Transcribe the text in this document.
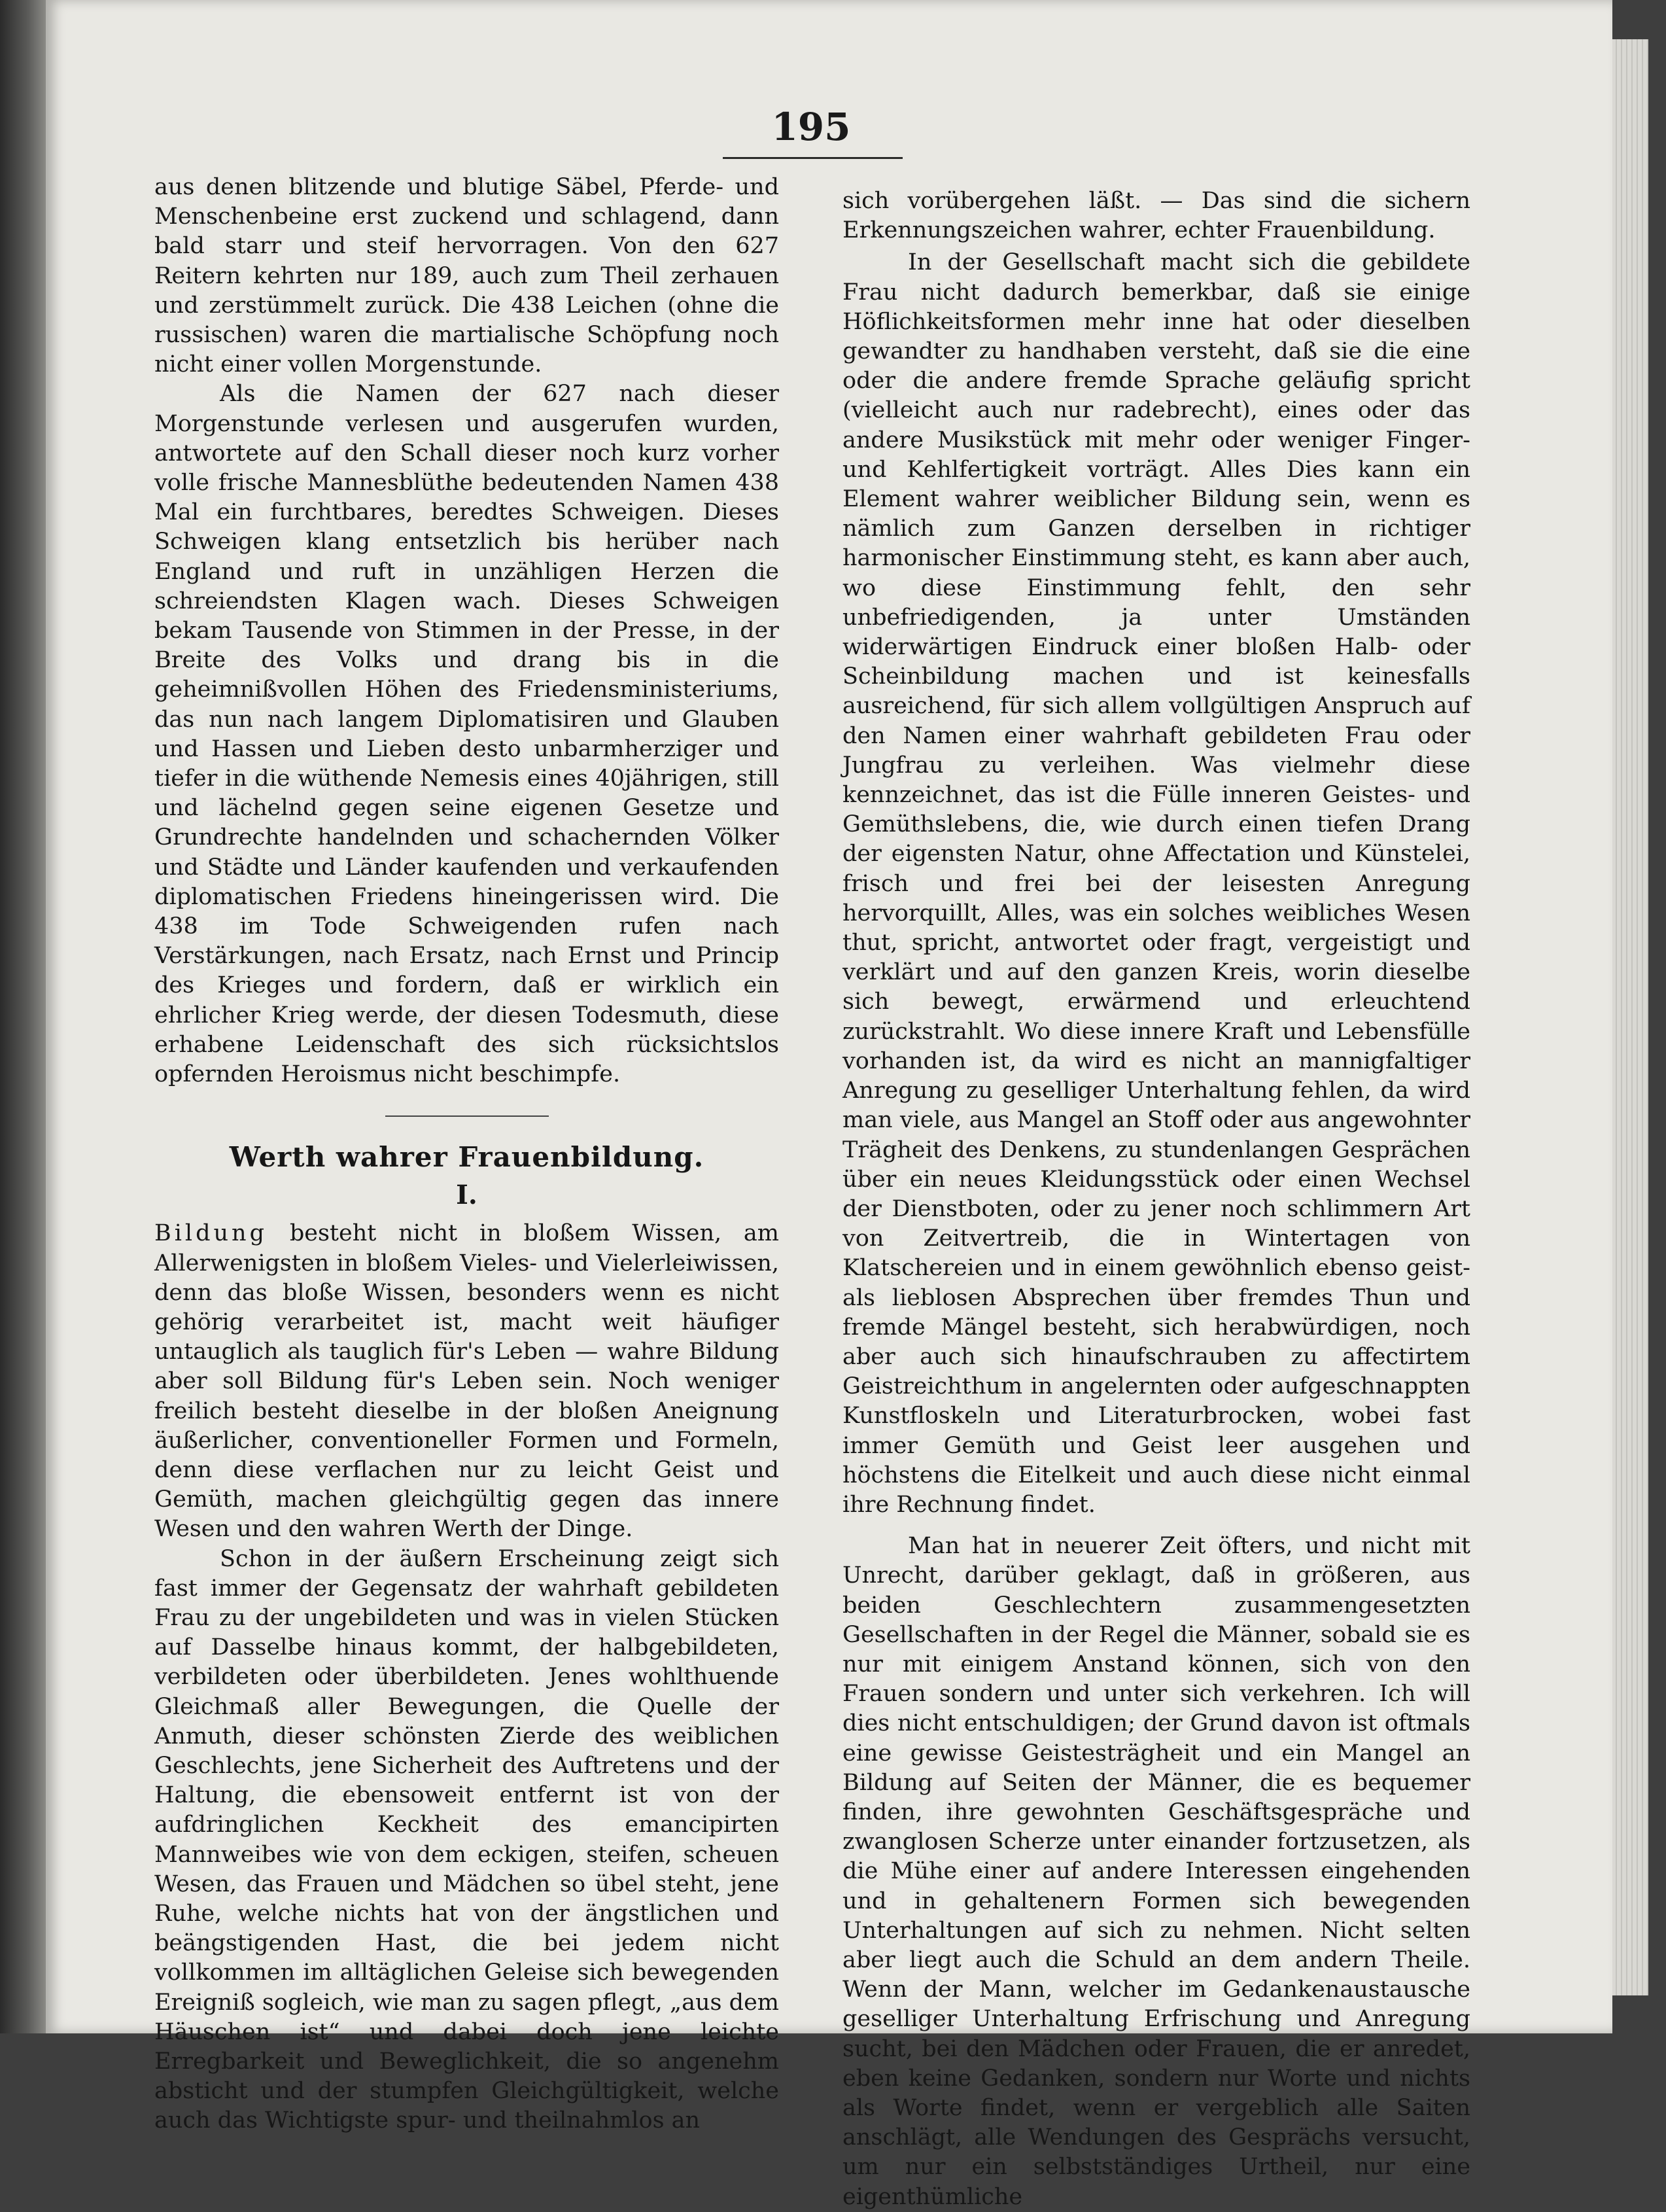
195

aus denen blitzende und blutige Säbel, Pferde- und Menschenbeine erst zuckend und schlagend, dann bald starr und steif hervorragen. Von den 627 Reitern kehrten nur 189, auch zum Theil zerhauen und zerstümmelt zurück. Die 438 Leichen (ohne die russischen) waren die martialische Schöpfung noch nicht einer vollen Morgenstunde.

Als die Namen der 627 nach dieser Morgenstunde verlesen und ausgerufen wurden, antwortete auf den Schall dieser noch kurz vorher volle frische Mannesblüthe bedeutenden Namen 438 Mal ein furchtbares, beredtes Schweigen. Dieses Schweigen klang entsetzlich bis herüber nach England und ruft in unzähligen Herzen die schreiendsten Klagen wach. Dieses Schweigen bekam Tausende von Stimmen in der Presse, in der Breite des Volks und drang bis in die geheimnißvollen Höhen des Friedensministeriums, das nun nach langem Diplomatisiren und Glauben und Hassen und Lieben desto unbarmherziger und tiefer in die wüthende Nemesis eines 40jährigen, still und lächelnd gegen seine eigenen Gesetze und Grundrechte handelnden und schachernden Völker und Städte und Länder kaufenden und verkaufenden diplomatischen Friedens hineingerissen wird. Die 438 im Tode Schweigenden rufen nach Verstärkungen, nach Ersatz, nach Ernst und Princip des Krieges und fordern, daß er wirklich ein ehrlicher Krieg werde, der diesen Todesmuth, diese erhabene Leidenschaft des sich rücksichtslos opfernden Heroismus nicht beschimpfe.

Werth wahrer Frauenbildung.
I.

Bildung besteht nicht in bloßem Wissen, am Allerwenigsten in bloßem Vieles- und Vielerleiwissen, denn das bloße Wissen, besonders wenn es nicht gehörig verarbeitet ist, macht weit häufiger untauglich als tauglich für's Leben — wahre Bildung aber soll Bildung für's Leben sein. Noch weniger freilich besteht dieselbe in der bloßen Aneignung äußerlicher, conventioneller Formen und Formeln, denn diese verflachen nur zu leicht Geist und Gemüth, machen gleichgültig gegen das innere Wesen und den wahren Werth der Dinge.

Schon in der äußern Erscheinung zeigt sich fast immer der Gegensatz der wahrhaft gebildeten Frau zu der ungebildeten und was in vielen Stücken auf Dasselbe hinaus kommt, der halbgebildeten, verbildeten oder überbildeten. Jenes wohlthuende Gleichmaß aller Bewegungen, die Quelle der Anmuth, dieser schönsten Zierde des weiblichen Geschlechts, jene Sicherheit des Auftretens und der Haltung, die ebensoweit entfernt ist von der aufdringlichen Keckheit des emancipirten Mannweibes wie von dem eckigen, steifen, scheuen Wesen, das Frauen und Mädchen so übel steht, jene Ruhe, welche nichts hat von der ängstlichen und beängstigenden Hast, die bei jedem nicht vollkommen im alltäglichen Geleise sich bewegenden Ereigniß sogleich, wie man zu sagen pflegt, „aus dem Häuschen ist“ und dabei doch jene leichte Erregbarkeit und Beweglichkeit, die so angenehm absticht und der stumpfen Gleichgültigkeit, welche auch das Wichtigste spur- und theilnahmlos an

sich vorübergehen läßt. — Das sind die sichern Erkennungszeichen wahrer, echter Frauenbildung.

In der Gesellschaft macht sich die gebildete Frau nicht dadurch bemerkbar, daß sie einige Höflichkeitsformen mehr inne hat oder dieselben gewandter zu handhaben versteht, daß sie die eine oder die andere fremde Sprache geläufig spricht (vielleicht auch nur radebrecht), eines oder das andere Musikstück mit mehr oder weniger Finger- und Kehlfertigkeit vorträgt. Alles Dies kann ein Element wahrer weiblicher Bildung sein, wenn es nämlich zum Ganzen derselben in richtiger harmonischer Einstimmung steht, es kann aber auch, wo diese Einstimmung fehlt, den sehr unbefriedigenden, ja unter Umständen widerwärtigen Eindruck einer bloßen Halb- oder Scheinbildung machen und ist keinesfalls ausreichend, für sich allem vollgültigen Anspruch auf den Namen einer wahrhaft gebildeten Frau oder Jungfrau zu verleihen. Was vielmehr diese kennzeichnet, das ist die Fülle inneren Geistes- und Gemüthslebens, die, wie durch einen tiefen Drang der eigensten Natur, ohne Affectation und Künstelei, frisch und frei bei der leisesten Anregung hervorquillt, Alles, was ein solches weibliches Wesen thut, spricht, antwortet oder fragt, vergeistigt und verklärt und auf den ganzen Kreis, worin dieselbe sich bewegt, erwärmend und erleuchtend zurückstrahlt. Wo diese innere Kraft und Lebensfülle vorhanden ist, da wird es nicht an mannigfaltiger Anregung zu geselliger Unterhaltung fehlen, da wird man viele, aus Mangel an Stoff oder aus angewohnter Trägheit des Denkens, zu stundenlangen Gesprächen über ein neues Kleidungsstück oder einen Wechsel der Dienstboten, oder zu jener noch schlimmern Art von Zeitvertreib, die in Wintertagen von Klatschereien und in einem gewöhnlich ebenso geist- als lieblosen Absprechen über fremdes Thun und fremde Mängel besteht, sich herabwürdigen, noch aber auch sich hinaufschrauben zu affectirtem Geistreichthum in angelernten oder aufgeschnappten Kunstfloskeln und Literaturbrocken, wobei fast immer Gemüth und Geist leer ausgehen und höchstens die Eitelkeit und auch diese nicht einmal ihre Rechnung findet.

Man hat in neuerer Zeit öfters, und nicht mit Unrecht, darüber geklagt, daß in größeren, aus beiden Geschlechtern zusammengesetzten Gesellschaften in der Regel die Männer, sobald sie es nur mit einigem Anstand können, sich von den Frauen sondern und unter sich verkehren. Ich will dies nicht entschuldigen; der Grund davon ist oftmals eine gewisse Geistesträgheit und ein Mangel an Bildung auf Seiten der Männer, die es bequemer finden, ihre gewohnten Geschäftsgespräche und zwanglosen Scherze unter einander fortzusetzen, als die Mühe einer auf andere Interessen eingehenden und in gehaltenern Formen sich bewegenden Unterhaltungen auf sich zu nehmen. Nicht selten aber liegt auch die Schuld an dem andern Theile. Wenn der Mann, welcher im Gedankenaustausche geselliger Unterhaltung Erfrischung und Anregung sucht, bei den Mädchen oder Frauen, die er anredet, eben keine Gedanken, sondern nur Worte und nichts als Worte findet, wenn er vergeblich alle Saiten anschlägt, alle Wendungen des Gesprächs versucht, um nur ein selbstständiges Urtheil, nur eine eigenthümliche
